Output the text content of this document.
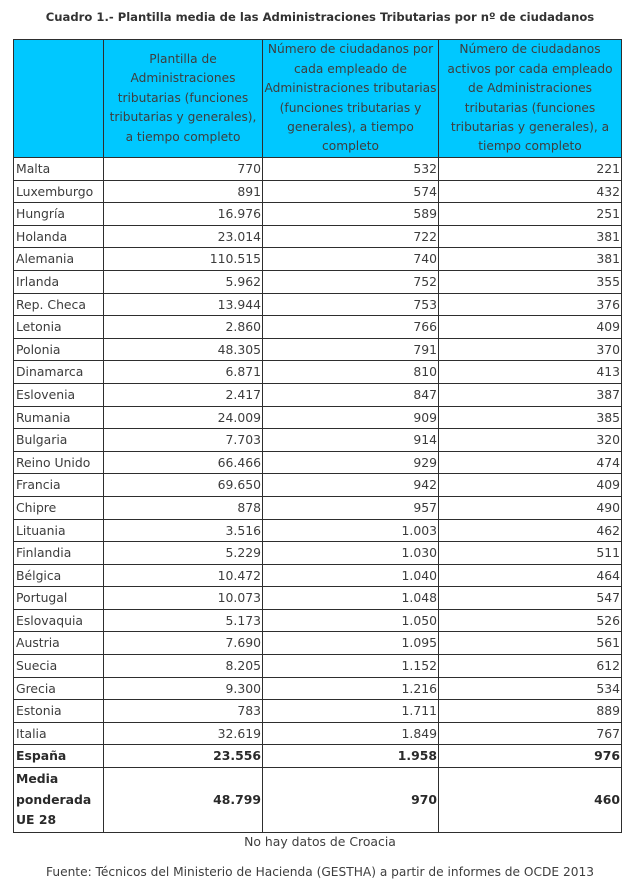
Cuadro 1.- Plantilla media de las Administraciones Tributarias por nº de ciudadanos
	Plantilla de Administraciones tributarias (funciones tributarias y generales), a tiempo completo	Número de ciudadanos por cada empleado de Administraciones tributarias (funciones tributarias y generales), a tiempo completo	Número de ciudadanos activos por cada empleado de Administraciones tributarias (funciones tributarias y generales), a tiempo completo
Malta	770	532	221
Luxemburgo	891	574	432
Hungría	16.976	589	251
Holanda	23.014	722	381
Alemania	110.515	740	381
Irlanda	5.962	752	355
Rep. Checa	13.944	753	376
Letonia	2.860	766	409
Polonia	48.305	791	370
Dinamarca	6.871	810	413
Eslovenia	2.417	847	387
Rumania	24.009	909	385
Bulgaria	7.703	914	320
Reino Unido	66.466	929	474
Francia	69.650	942	409
Chipre	878	957	490
Lituania	3.516	1.003	462
Finlandia	5.229	1.030	511
Bélgica	10.472	1.040	464
Portugal	10.073	1.048	547
Eslovaquia	5.173	1.050	526
Austria	7.690	1.095	561
Suecia	8.205	1.152	612
Grecia	9.300	1.216	534
Estonia	783	1.711	889
Italia	32.619	1.849	767
España	23.556	1.958	976
Media ponderada UE 28	48.799	970	460
No hay datos de Croacia
Fuente: Técnicos del Ministerio de Hacienda (GESTHA) a partir de informes de OCDE 2013
